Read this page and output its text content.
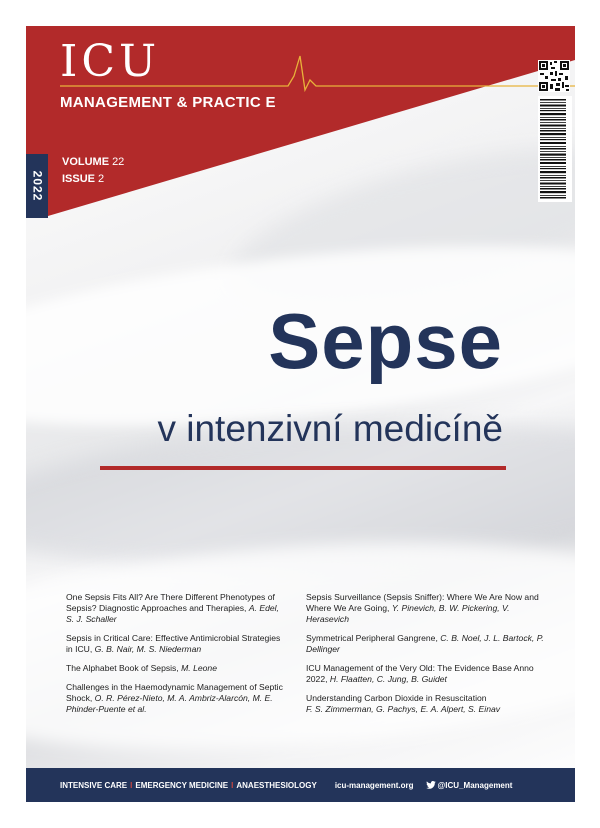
ICU
MANAGEMENT & PRACTIC E
2022
VOLUME 22
ISSUE 2
Sepse
v intenzivní medicíně
One Sepsis Fits All? Are There Different Phenotypes of Sepsis? Diagnostic Approaches and Therapies, A. Edel, S. J. Schaller
Sepsis in Critical Care: Effective Antimicrobial Strategies in ICU, G. B. Nair, M. S. Niederman
The Alphabet Book of Sepsis, M. Leone
Challenges in the Haemodynamic Management of Septic Shock, O. R. Pérez-Nieto, M. A. Ambriz-Alarcón, M. E. Phinder-Puente et al.
Sepsis Surveillance (Sepsis Sniffer): Where We Are Now and Where We Are Going, Y. Pinevich, B. W. Pickering, V. Herasevich
Symmetrical Peripheral Gangrene, C. B. Noel, J. L. Bartock, P. Dellinger
ICU Management of the Very Old: The Evidence Base Anno 2022, H. Flaatten, C. Jung, B. Guidet
Understanding Carbon Dioxide in Resuscitation
F. S. Zimmerman, G. Pachys, E. A. Alpert, S. Einav
INTENSIVE CARE I EMERGENCY MEDICINE I ANAESTHESIOLOGY icu-management.org	@ICU_Management
